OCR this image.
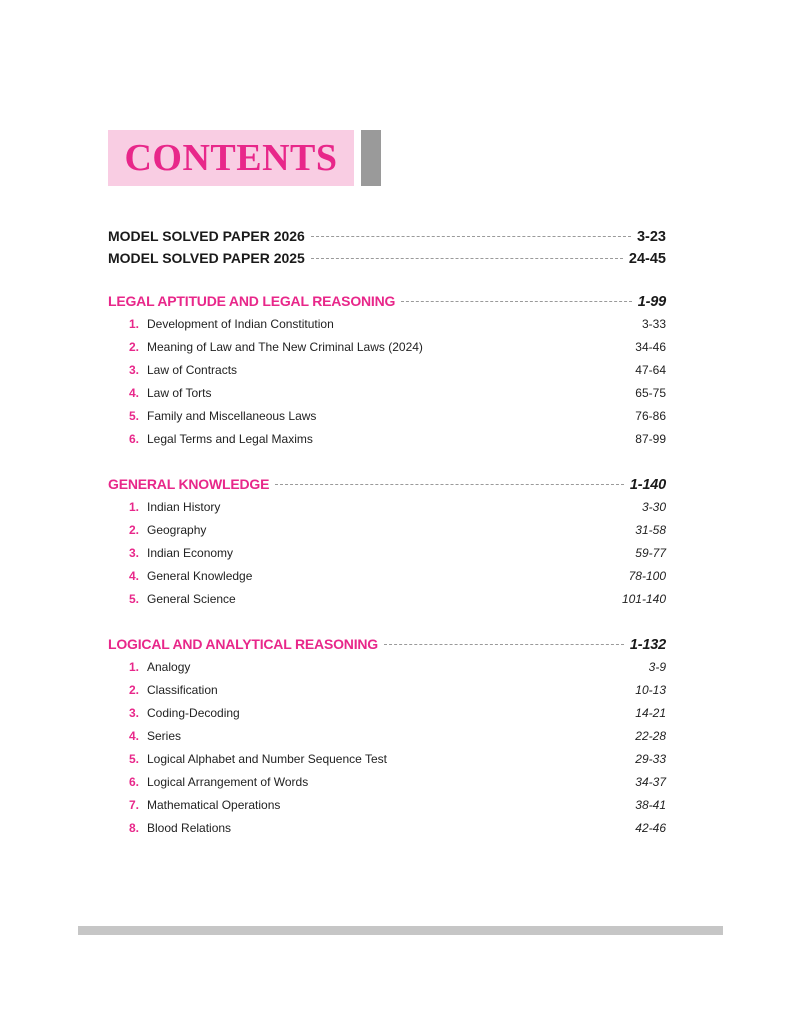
CONTENTS
MODEL SOLVED PAPER 2026	3-23
MODEL SOLVED PAPER 2025	24-45
LEGAL APTITUDE AND LEGAL REASONING	1-99
1. Development of Indian Constitution	3-33
2. Meaning of Law and The New Criminal Laws (2024)	34-46
3. Law of Contracts	47-64
4. Law of Torts	65-75
5. Family and Miscellaneous Laws	76-86
6. Legal Terms and Legal Maxims	87-99
GENERAL KNOWLEDGE	1-140
1. Indian History	3-30
2. Geography	31-58
3. Indian Economy	59-77
4. General Knowledge	78-100
5. General Science	101-140
LOGICAL AND ANALYTICAL REASONING	1-132
1. Analogy	3-9
2. Classification	10-13
3. Coding-Decoding	14-21
4. Series	22-28
5. Logical Alphabet and Number Sequence Test	29-33
6. Logical Arrangement of Words	34-37
7. Mathematical Operations	38-41
8. Blood Relations	42-46
